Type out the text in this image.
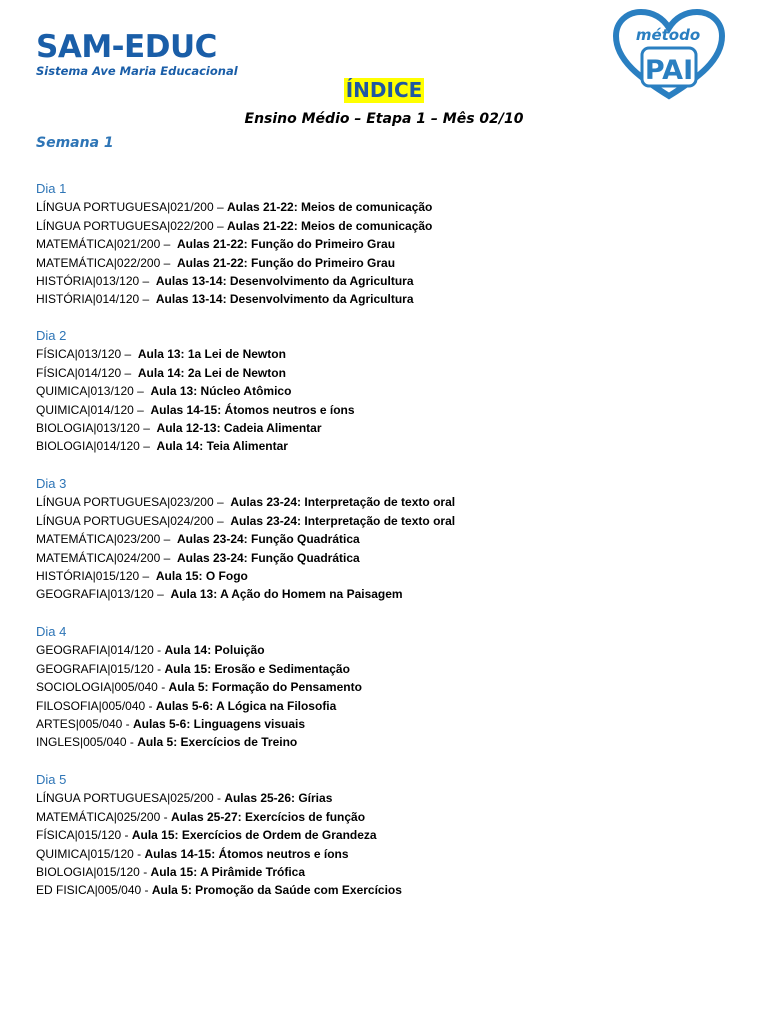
SAM-EDUC
Sistema Ave Maria Educacional
método
PAI
ÍNDICE
Ensino Médio – Etapa 1 – Mês 02/10
Semana 1
Dia 1
LÍNGUA PORTUGUESA|021/200 – Aulas 21-22: Meios de comunicação
LÍNGUA PORTUGUESA|022/200 – Aulas 21-22: Meios de comunicação
MATEMÁTICA|021/200 –  Aulas 21-22: Função do Primeiro Grau
MATEMÁTICA|022/200 –  Aulas 21-22: Função do Primeiro Grau
HISTÓRIA|013/120 –  Aulas 13-14: Desenvolvimento da Agricultura
HISTÓRIA|014/120 –  Aulas 13-14: Desenvolvimento da Agricultura
Dia 2
FÍSICA|013/120 –  Aula 13: 1a Lei de Newton
FÍSICA|014/120 –  Aula 14: 2a Lei de Newton
QUIMICA|013/120 –  Aula 13: Núcleo Atômico
QUIMICA|014/120 –  Aulas 14-15: Átomos neutros e íons
BIOLOGIA|013/120 –  Aula 12-13: Cadeia Alimentar
BIOLOGIA|014/120 –  Aula 14: Teia Alimentar
Dia 3
LÍNGUA PORTUGUESA|023/200 –  Aulas 23-24: Interpretação de texto oral
LÍNGUA PORTUGUESA|024/200 –  Aulas 23-24: Interpretação de texto oral
MATEMÁTICA|023/200 –  Aulas 23-24: Função Quadrática
MATEMÁTICA|024/200 –  Aulas 23-24: Função Quadrática
HISTÓRIA|015/120 –  Aula 15: O Fogo
GEOGRAFIA|013/120 –  Aula 13: A Ação do Homem na Paisagem
Dia 4
GEOGRAFIA|014/120 - Aula 14: Poluição
GEOGRAFIA|015/120 - Aula 15: Erosão e Sedimentação
SOCIOLOGIA|005/040 - Aula 5: Formação do Pensamento
FILOSOFIA|005/040 - Aulas 5-6: A Lógica na Filosofia
ARTES|005/040 - Aulas 5-6: Linguagens visuais
INGLES|005/040 - Aula 5: Exercícios de Treino
Dia 5
LÍNGUA PORTUGUESA|025/200 - Aulas 25-26: Gírias
MATEMÁTICA|025/200 - Aulas 25-27: Exercícios de função
FÍSICA|015/120 - Aula 15: Exercícios de Ordem de Grandeza
QUIMICA|015/120 - Aulas 14-15: Átomos neutros e íons
BIOLOGIA|015/120 - Aula 15: A Pirâmide Trófica
ED FISICA|005/040 - Aula 5: Promoção da Saúde com Exercícios
